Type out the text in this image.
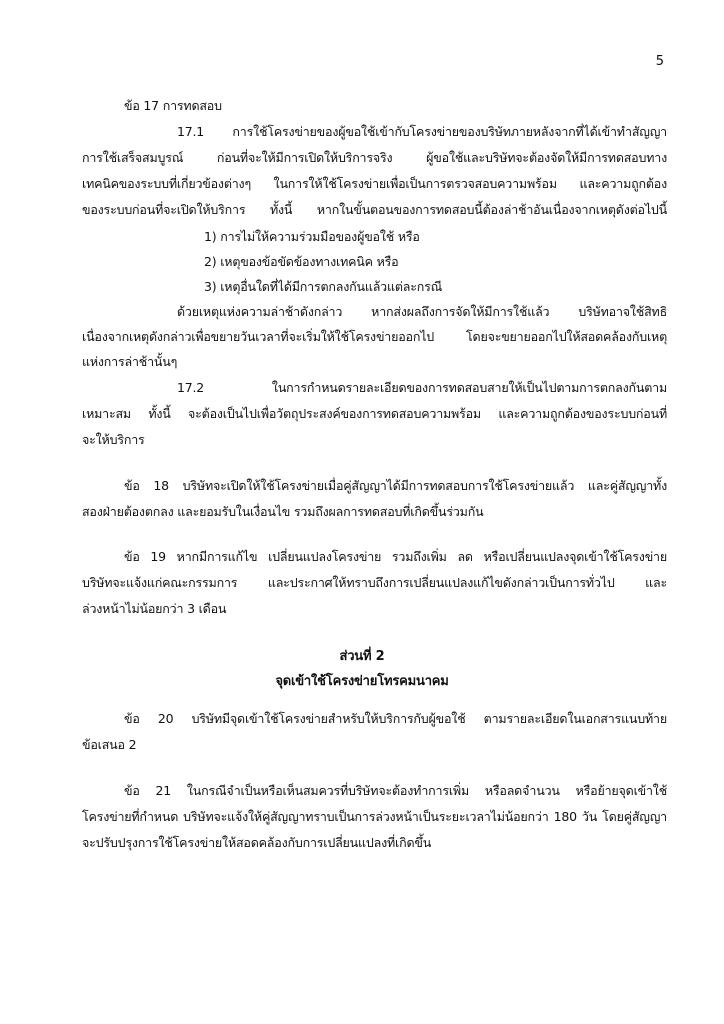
5
ข้อ 17 การทดสอบ
17.1 การใช้โครงข่ายของผู้ขอใช้เข้ากับโครงข่ายของบริษัทภายหลังจากที่ได้เข้าทำสัญญา
การใช้เสร็จสมบูรณ์ ก่อนที่จะให้มีการเปิดให้บริการจริง ผู้ขอใช้และบริษัทจะต้องจัดให้มีการทดสอบทาง
เทคนิคของระบบที่เกี่ยวข้องต่างๆ ในการให้ใช้โครงข่ายเพื่อเป็นการตรวจสอบความพร้อม และความถูกต้อง
ของระบบก่อนที่จะเปิดให้บริการ ทั้งนี้ หากในขั้นตอนของการทดสอบนี้ต้องล่าช้าอันเนื่องจากเหตุดังต่อไปนี้
1) การไม่ให้ความร่วมมือของผู้ขอใช้ หรือ
2) เหตุของข้อขัดข้องทางเทคนิค หรือ
3) เหตุอื่นใดที่ได้มีการตกลงกันแล้วแต่ละกรณี
ด้วยเหตุแห่งความล่าช้าดังกล่าว หากส่งผลถึงการจัดให้มีการใช้แล้ว บริษัทอาจใช้สิทธิ
เนื่องจากเหตุดังกล่าวเพื่อขยายวันเวลาที่จะเริ่มให้ใช้โครงข่ายออกไป โดยจะขยายออกไปให้สอดคล้องกับเหตุ
แห่งการล่าช้านั้นๆ
17.2 ในการกำหนดรายละเอียดของการทดสอบสายให้เป็นไปตามการตกลงกันตาม
เหมาะสม ทั้งนี้ จะต้องเป็นไปเพื่อวัตถุประสงค์ของการทดสอบความพร้อม และความถูกต้องของระบบก่อนที่
จะให้บริการ
ข้อ 18 บริษัทจะเปิดให้ใช้โครงข่ายเมื่อคู่สัญญาได้มีการทดสอบการใช้โครงข่ายแล้ว และคู่สัญญาทั้ง
สองฝ่ายต้องตกลง และยอมรับในเงื่อนไข รวมถึงผลการทดสอบที่เกิดขึ้นร่วมกัน
ข้อ 19 หากมีการแก้ไข เปลี่ยนแปลงโครงข่าย รวมถึงเพิ่ม ลด หรือเปลี่ยนแปลงจุดเข้าใช้โครงข่าย
บริษัทจะแจ้งแก่คณะกรรมการ และประกาศให้ทราบถึงการเปลี่ยนแปลงแก้ไขดังกล่าวเป็นการทั่วไป และ
ล่วงหน้าไม่น้อยกว่า 3 เดือน
ส่วนที่ 2
จุดเข้าใช้โครงข่ายโทรคมนาคม
ข้อ 20 บริษัทมีจุดเข้าใช้โครงข่ายสำหรับให้บริการกับผู้ขอใช้ ตามรายละเอียดในเอกสารแนบท้าย
ข้อเสนอ 2
ข้อ 21 ในกรณีจำเป็นหรือเห็นสมควรที่บริษัทจะต้องทำการเพิ่ม หรือลดจำนวน หรือย้ายจุดเข้าใช้
โครงข่ายที่กำหนด บริษัทจะแจ้งให้คู่สัญญาทราบเป็นการล่วงหน้าเป็นระยะเวลาไม่น้อยกว่า 180 วัน โดยคู่สัญญา
จะปรับปรุงการใช้โครงข่ายให้สอดคล้องกับการเปลี่ยนแปลงที่เกิดขึ้น
